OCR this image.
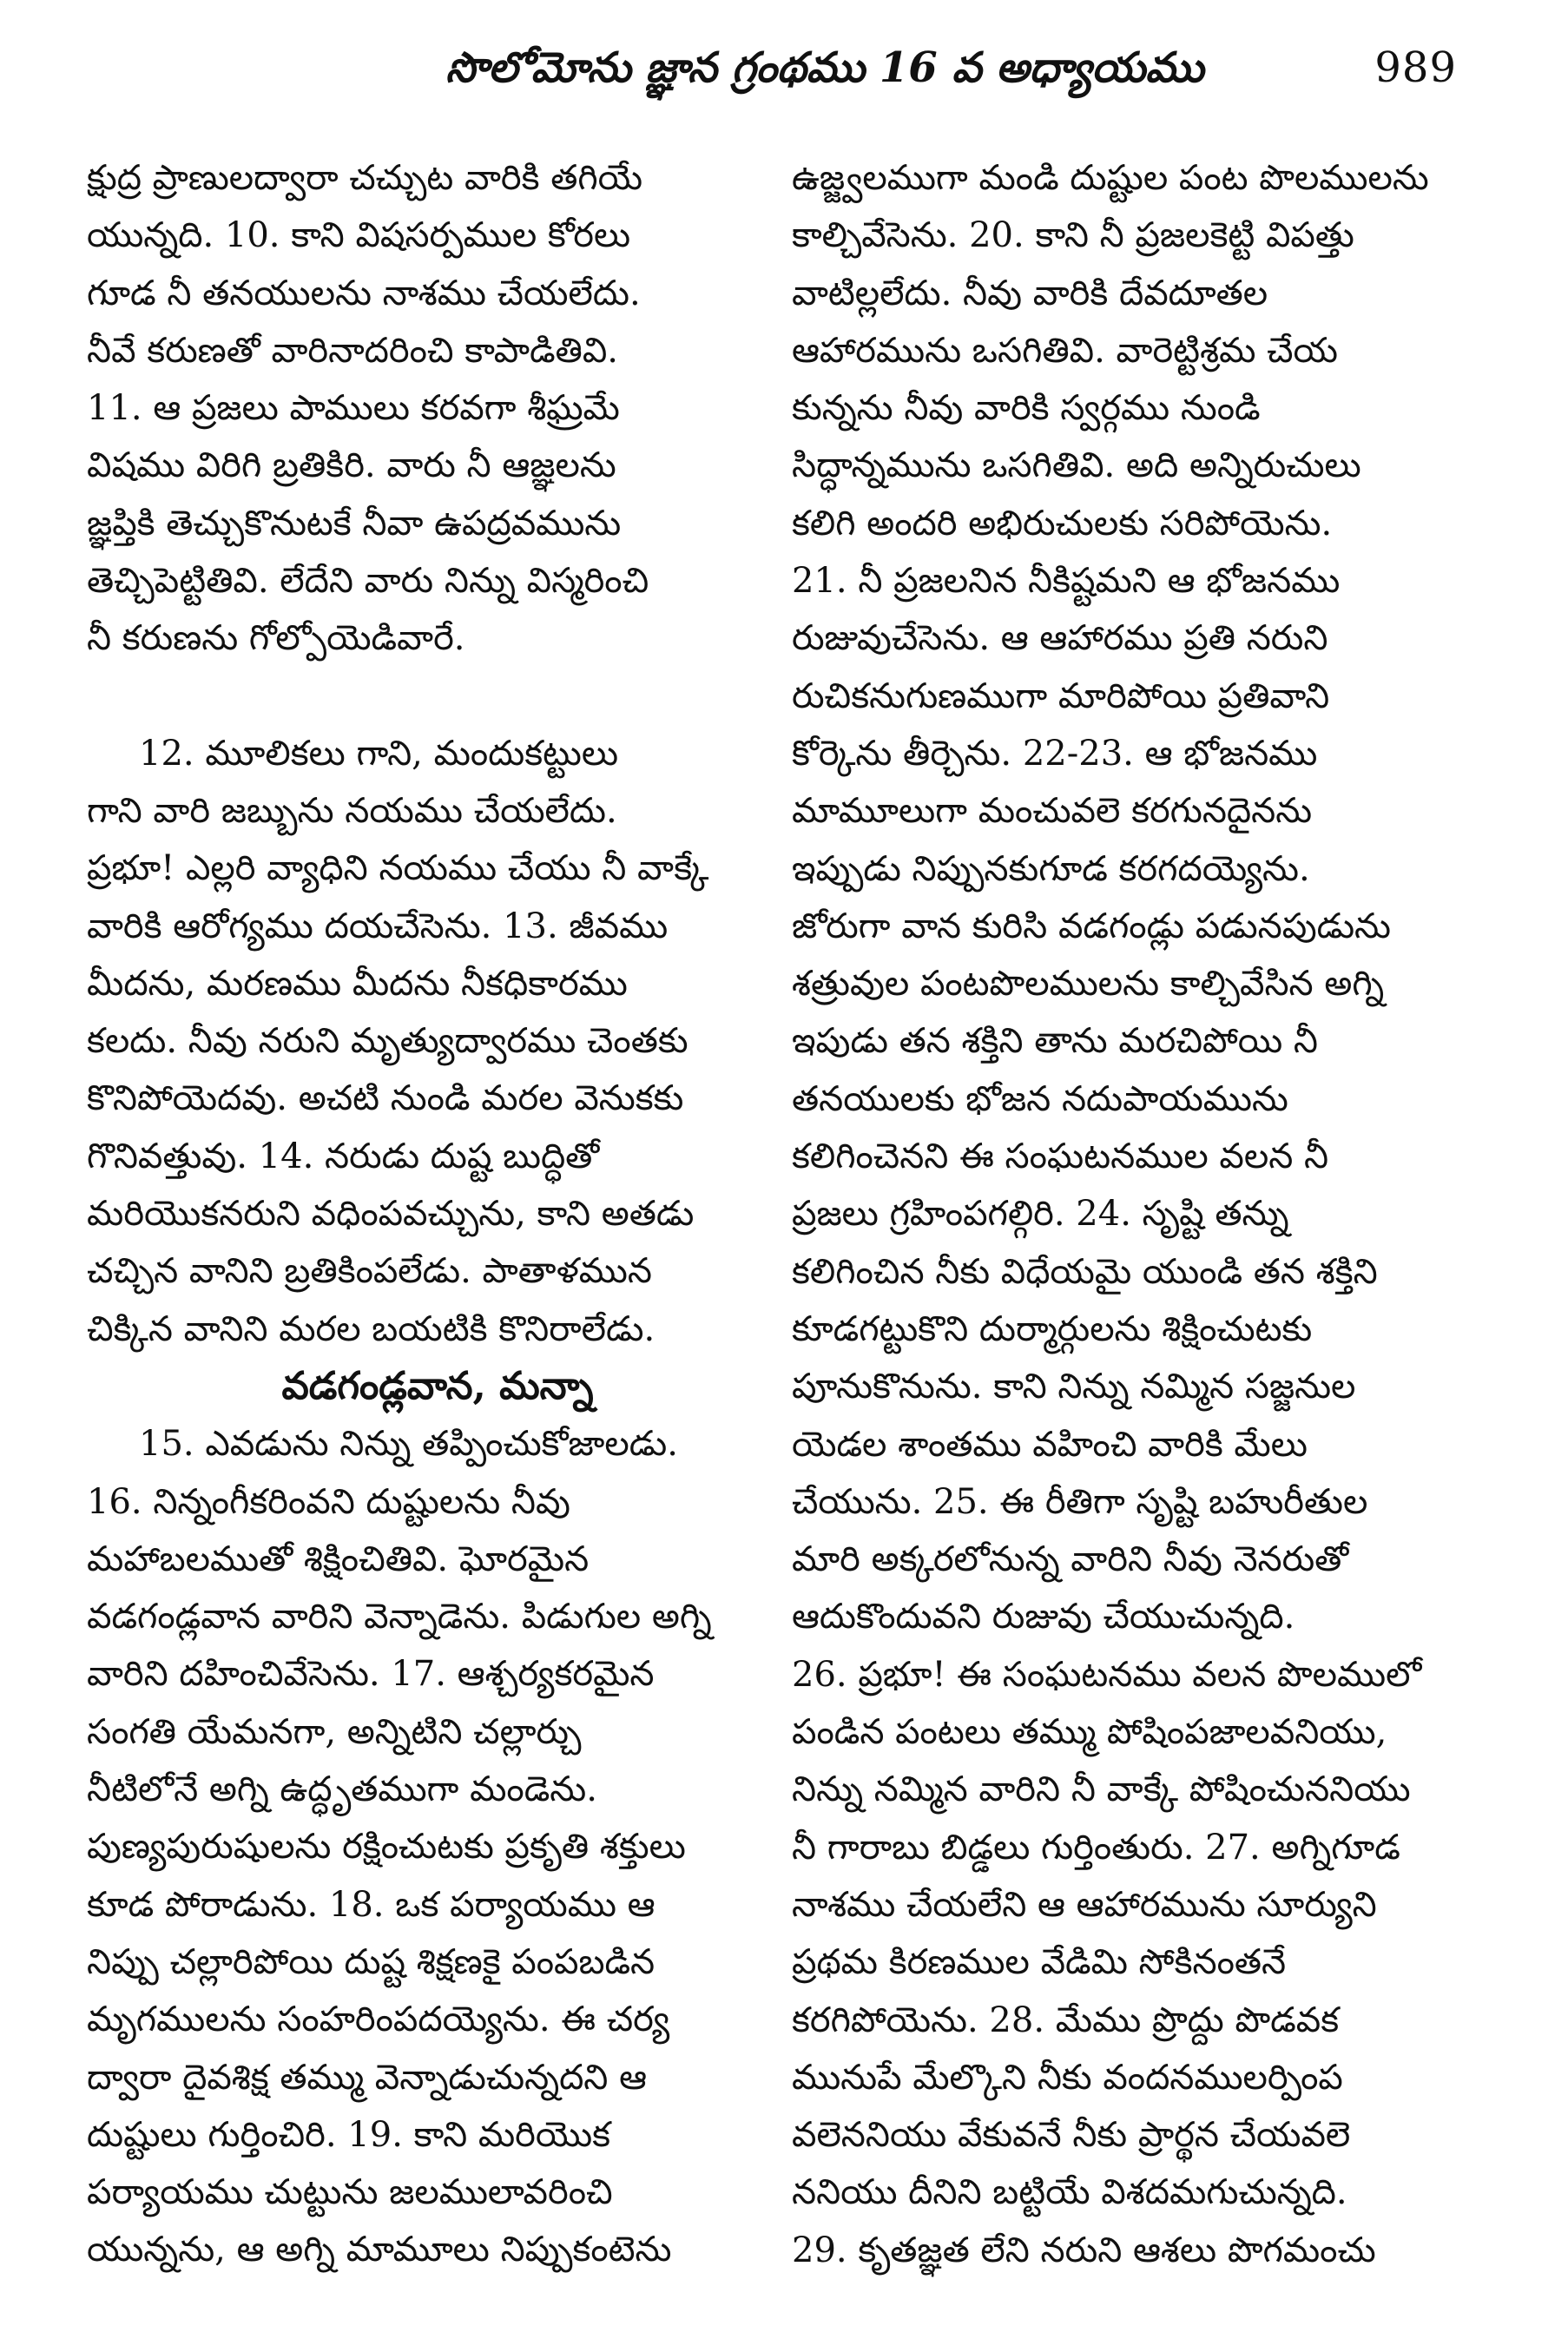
సొలోమోను జ్ఞాన గ్రంథము 16 వ అధ్యాయము	989

క్షుద్ర ప్రాణులద్వారా చచ్చుట వారికి తగియే
యున్నది. 10. కాని విషసర్పముల కోరలు
గూడ నీ తనయులను నాశము చేయలేదు.
నీవే కరుణతో వారినాదరించి కాపాడితివి.
11. ఆ ప్రజలు పాములు కరవగా శీఘ్రమే
విషము విరిగి బ్రతికిరి. వారు నీ ఆజ్ఞలను
జ్ఞప్తికి తెచ్చుకొనుటకే నీవా ఉపద్రవమును
తెచ్చిపెట్టితివి. లేదేని వారు నిన్ను విస్మరించి
నీ కరుణను గోల్పోయెడివారే.

12. మూలికలు గాని, మందుకట్టులు
గాని వారి జబ్బును నయము చేయలేదు.
ప్రభూ! ఎల్లరి వ్యాధిని నయము చేయు నీ వాక్కే
వారికి ఆరోగ్యము దయచేసెను. 13. జీవము
మీదను, మరణము మీదను నీకధికారము
కలదు. నీవు నరుని మృత్యుద్వారము చెంతకు
కొనిపోయెదవు. అచటి నుండి మరల వెనుకకు
గొనివత్తువు. 14. నరుడు దుష్ట బుద్ధితో
మరియొకనరుని వధింపవచ్చును, కాని అతడు
చచ్చిన వానిని బ్రతికింపలేడు. పాతాళమున
చిక్కిన వానిని మరల బయటికి కొనిరాలేడు.

వడగండ్లవాన, మన్నా

15. ఎవడును నిన్ను తప్పించుకోజాలడు.
16. నిన్నంగీకరింవని దుష్టులను నీవు
మహాబలముతో శిక్షించితివి. ఘోరమైన
వడగండ్లవాన వారిని వెన్నాడెను. పిడుగుల అగ్ని
వారిని దహించివేసెను. 17. ఆశ్చర్యకరమైన
సంగతి యేమనగా, అన్నిటిని చల్లార్చు
నీటిలోనే అగ్ని ఉద్ధృతముగా మండెను.
పుణ్యపురుషులను రక్షించుటకు ప్రకృతి శక్తులు
కూడ పోరాడును. 18. ఒక పర్యాయము ఆ
నిప్పు చల్లారిపోయి దుష్ట శిక్షణకై పంపబడిన
మృగములను సంహరింపదయ్యెను. ఈ చర్య
ద్వారా దైవశిక్ష తమ్ము వెన్నాడుచున్నదని ఆ
దుష్టులు గుర్తించిరి. 19. కాని మరియొక
పర్యాయము చుట్టును జలములావరించి
యున్నను, ఆ అగ్ని మామూలు నిప్పుకంటెను

ఉజ్జ్వలముగా మండి దుష్టుల పంట పొలములను
కాల్చివేసెను. 20. కాని నీ ప్రజలకెట్టి విపత్తు
వాటిల్లలేదు. నీవు వారికి దేవదూతల
ఆహారమును ఒసగితివి. వారెట్టిశ్రమ చేయ
కున్నను నీవు వారికి స్వర్గము నుండి
సిద్ధాన్నమును ఒసగితివి. అది అన్నిరుచులు
కలిగి అందరి అభిరుచులకు సరిపోయెను.
21. నీ ప్రజలనిన నీకిష్టమని ఆ భోజనము
రుజువుచేసెను. ఆ ఆహారము ప్రతి నరుని
రుచికనుగుణముగా మారిపోయి ప్రతివాని
కోర్కెను తీర్చెను. 22-23. ఆ భోజనము
మామూలుగా మంచువలె కరగునదైనను
ఇప్పుడు నిప్పునకుగూడ కరగదయ్యెను.
జోరుగా వాన కురిసి వడగండ్లు పడునపుడును
శత్రువుల పంటపొలములను కాల్చివేసిన అగ్ని
ఇపుడు తన శక్తిని తాను మరచిపోయి నీ
తనయులకు భోజన నదుపాయమును
కలిగించెనని ఈ సంఘటనముల వలన నీ
ప్రజలు గ్రహింపగల్గిరి. 24. సృష్టి తన్ను
కలిగించిన నీకు విధేయమై యుండి తన శక్తిని
కూడగట్టుకొని దుర్మార్గులను శిక్షించుటకు
పూనుకొనును. కాని నిన్ను నమ్మిన సజ్జనుల
యెడల శాంతము వహించి వారికి మేలు
చేయును. 25. ఈ రీతిగా సృష్టి బహురీతుల
మారి అక్కరలోనున్న వారిని నీవు నెనరుతో
ఆదుకొందువని రుజువు చేయుచున్నది.
26. ప్రభూ! ఈ సంఘటనము వలన పొలములో
పండిన పంటలు తమ్ము పోషింపజాలవనియు,
నిన్ను నమ్మిన వారిని నీ వాక్కే పోషించుననియు
నీ గారాబు బిడ్డలు గుర్తింతురు. 27. అగ్నిగూడ
నాశము చేయలేని ఆ ఆహారమును సూర్యుని
ప్రథమ కిరణముల వేడిమి సోకినంతనే
కరగిపోయెను. 28. మేము ప్రొద్దు పొడవక
మునుపే మేల్కొని నీకు వందనములర్పింప
వలెననియు వేకువనే నీకు ప్రార్థన చేయవలె
ననియు దీనిని బట్టియే విశదమగుచున్నది.
29. కృతజ్ఞత లేని నరుని ఆశలు పొగమంచు
